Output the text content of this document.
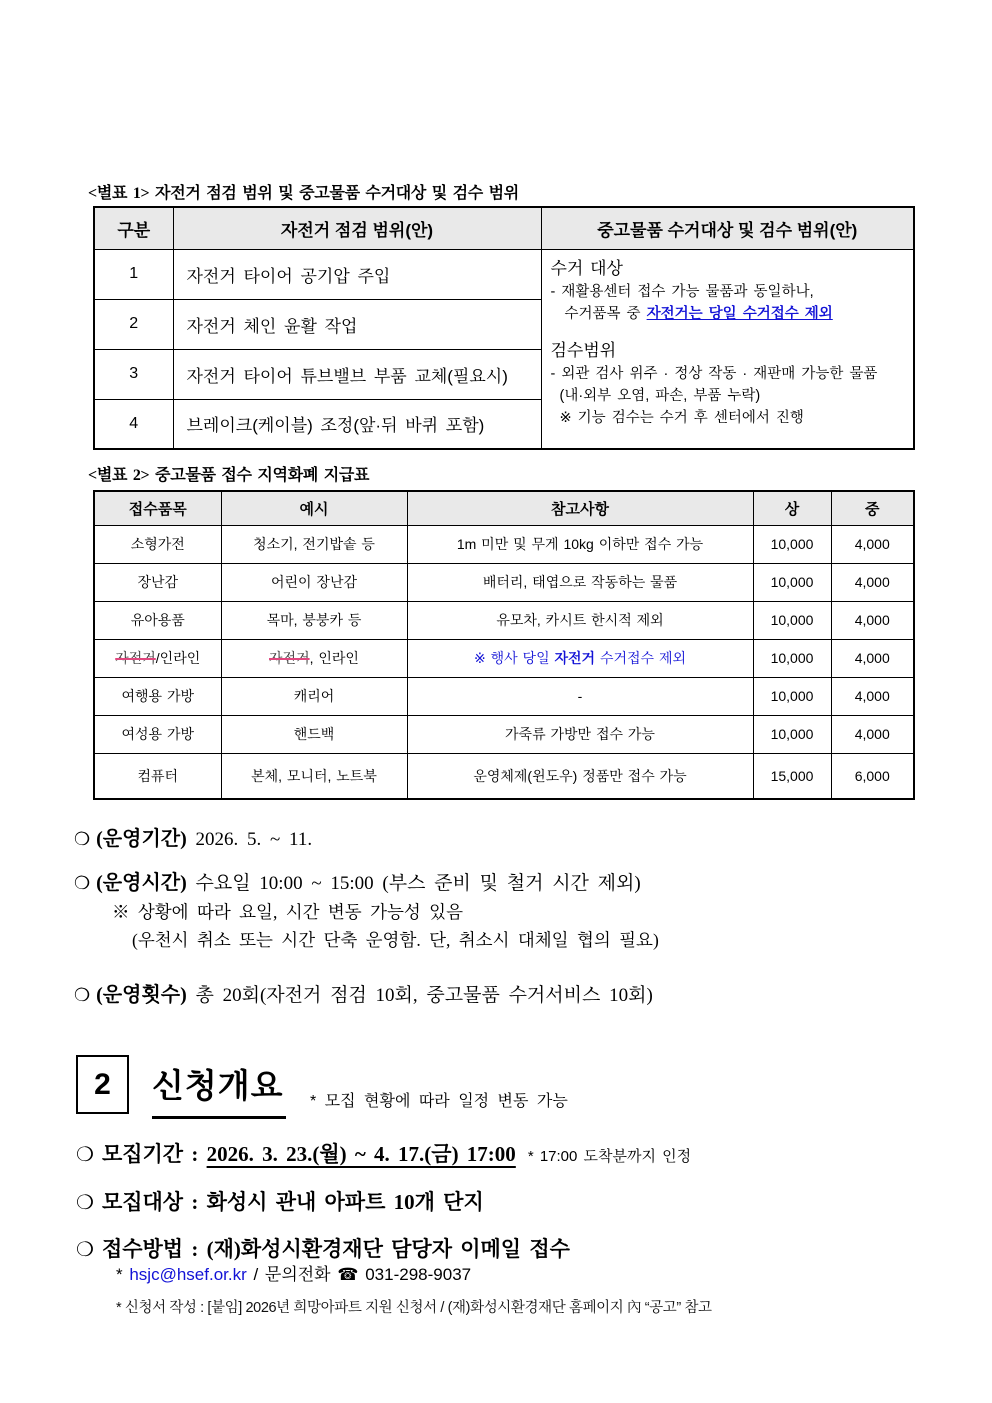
<별표 1> 자전거 점검 범위 및 중고물품 수거대상 및 검수 범위
구분	자전거 점검 범위(안)	중고물품 수거대상 및 검수 범위(안)
1	자전거 타이어 공기압 주입	수거 대상
- 재활용센터 접수 가능 물품과 동일하나,
수거품목 중 자전거는 당일 수거접수 제외
검수범위
- 외관 검사 위주 · 정상 작동 · 재판매 가능한 물품
(내·외부 오염, 파손, 부품 누락)
※ 기능 검수는 수거 후 센터에서 진행

2	자전거 체인 윤활 작업	
3	자전거 타이어 튜브밸브 부품 교체(필요시)	
4	브레이크(케이블) 조정(앞·뒤 바퀴 포함)	
<별표 2> 중고물품 접수 지역화폐 지급표
접수품목	예시	참고사항	상	중
소형가전	청소기, 전기밥솥 등	1m 미만 및 무게 10kg 이하만 접수 가능	10,000	4,000
장난감	어린이 장난감	배터리, 태엽으로 작동하는 물품	10,000	4,000
유아용품	목마, 붕붕카 등	유모차, 카시트 한시적 제외	10,000	4,000
자전거/인라인	자전거, 인라인	※ 행사 당일 자전거 수거접수 제외	10,000	4,000
여행용 가방	캐리어	-	10,000	4,000
여성용 가방	핸드백	가죽류 가방만 접수 가능	10,000	4,000
컴퓨터	본체, 모니터, 노트북	운영체제(윈도우) 정품만 접수 가능	15,000	6,000
❍ (운영기간) 2026. 5. ~ 11.
❍ (운영시간) 수요일 10:00 ~ 15:00 (부스 준비 및 철거 시간 제외)
※ 상황에 따라 요일, 시간 변동 가능성 있음
(우천시 취소 또는 시간 단축 운영함. 단, 취소시 대체일 협의 필요)
❍ (운영횟수) 총 20회(자전거 점검 10회, 중고물품 수거서비스 10회)
2	신청개요 * 모집 현황에 따라 일정 변동 가능
❍ 모집기간 : 2026. 3. 23.(월) ~ 4. 17.(금) 17:00 * 17:00 도착분까지 인정
❍ 모집대상 : 화성시 관내 아파트 10개 단지
❍ 접수방법 : (재)화성시환경재단 담당자 이메일 접수
* hsjc@hsef.or.kr / 문의전화 ☎ 031-298-9037
* 신청서 작성 : [붙임] 2026년 희망아파트 지원 신청서 / (재)화성시환경재단 홈페이지 內 “공고” 참고
